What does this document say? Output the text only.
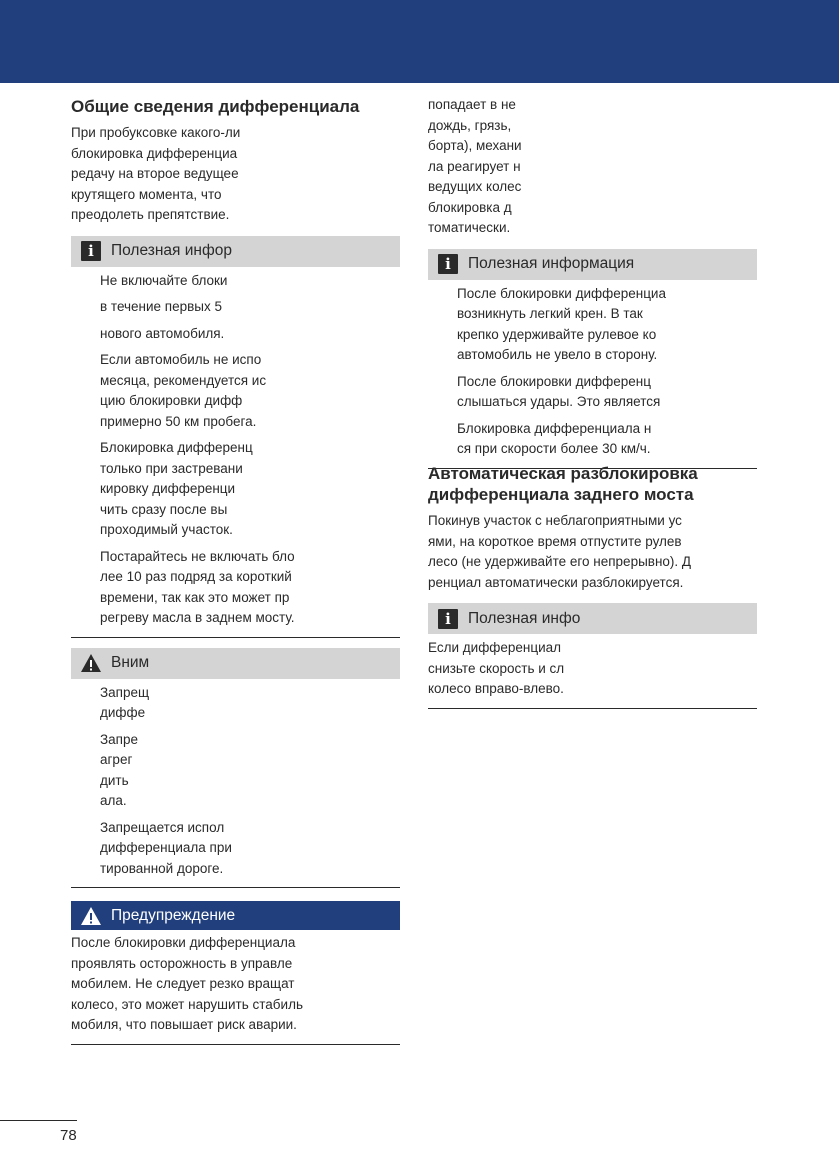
Общие сведения дифференциала

При пробуксовке какого-ли

блокировка дифференциа

редачу на второе ведущее

крутящего момента, что

преодолеть препятствие.

i	Полезная инфор

Не включайте блоки

в течение первых 5

нового автомобиля.

Если автомобиль не испо

месяца, рекомендуется ис

цию блокировки дифф

примерно 50 км пробега.

Блокировка дифференц

только при застревани

кировку дифференци

чить сразу после вы

проходимый участок.

Постарайтесь не включать бло

лее 10 раз подряд за короткий

времени, так как это может пр

регреву масла в заднем мосту.

Вним

Запрещ

диффе

Запре

агрег

дить

ала.

Запрещается испол

дифференциала при

тированной дороге.

Предупреждение

После блокировки дифференциала

проявлять осторожность в управле

мобилем. Не следует резко вращат

колесо, это может нарушить стабиль

мобиля, что повышает риск аварии.

попадает в не

дождь, грязь,

борта), механи

ла реагирует н

ведущих колес

блокировка д

томатически.

i	Полезная информация

После блокировки дифференциа

возникнуть легкий крен. В так

крепко удерживайте рулевое ко

автомобиль не увело в сторону.

После блокировки дифференц

слышаться удары. Это является

Блокировка дифференциала н

ся при скорости более 30 км/ч.

Автоматическая разблокировка дифференциала заднего моста

Покинув участок с неблагоприятными ус

ями, на короткое время отпустите рулев

лесо (не удерживайте его непрерывно). Д

ренциал автоматически разблокируется.

i	Полезная инфо

Если дифференциал

снизьте скорость и сл

колесо вправо-влево.

78
